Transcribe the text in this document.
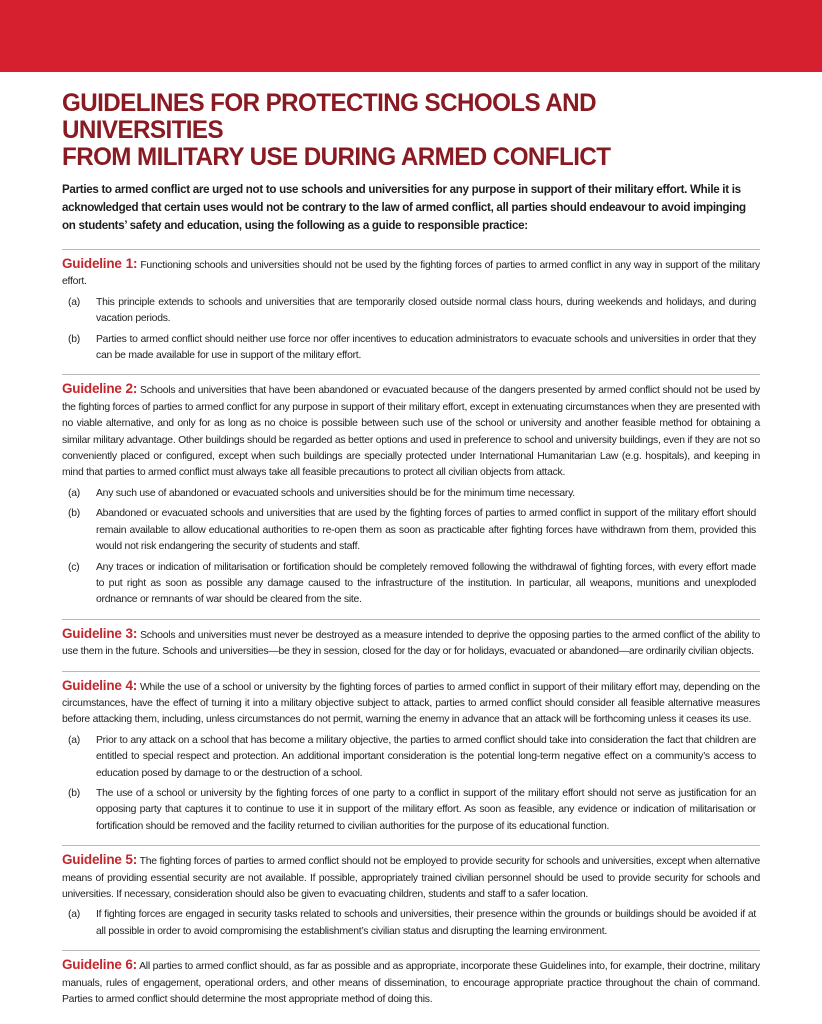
GUIDELINES FOR PROTECTING SCHOOLS AND UNIVERSITIES
FROM MILITARY USE DURING ARMED CONFLICT

Parties to armed conflict are urged not to use schools and universities for any purpose in support of their military effort. While it is acknowledged that certain uses would not be contrary to the law of armed conflict, all parties should endeavour to avoid impinging on students’ safety and education, using the following as a guide to responsible practice:

Guideline 1: Functioning schools and universities should not be used by the fighting forces of parties to armed conflict in any way in support of the military effort.

(a)	This principle extends to schools and universities that are temporarily closed outside normal class hours, during weekends and holidays, and during vacation periods.
(b)	Parties to armed conflict should neither use force nor offer incentives to education administrators to evacuate schools and universities in order that they can be made available for use in support of the military effort.

Guideline 2: Schools and universities that have been abandoned or evacuated because of the dangers presented by armed conflict should not be used by the fighting forces of parties to armed conflict for any purpose in support of their military effort, except in extenuating circumstances when they are presented with no viable alternative, and only for as long as no choice is possible between such use of the school or university and another feasible method for obtaining a similar military advantage. Other buildings should be regarded as better options and used in preference to school and university buildings, even if they are not so conveniently placed or configured, except when such buildings are specially protected under International Humanitarian Law (e.g. hospitals), and keeping in mind that parties to armed conflict must always take all feasible precautions to protect all civilian objects from attack.

(a)	Any such use of abandoned or evacuated schools and universities should be for the minimum time necessary.
(b)	Abandoned or evacuated schools and universities that are used by the fighting forces of parties to armed conflict in support of the military effort should remain available to allow educational authorities to re-open them as soon as practicable after fighting forces have withdrawn from them, provided this would not risk endangering the security of students and staff.
(c)	Any traces or indication of militarisation or fortification should be completely removed following the withdrawal of fighting forces, with every effort made to put right as soon as possible any damage caused to the infrastructure of the institution. In particular, all weapons, munitions and unexploded ordnance or remnants of war should be cleared from the site.

Guideline 3: Schools and universities must never be destroyed as a measure intended to deprive the opposing parties to the armed conflict of the ability to use them in the future. Schools and universities—be they in session, closed for the day or for holidays, evacuated or abandoned—are ordinarily civilian objects.

Guideline 4: While the use of a school or university by the fighting forces of parties to armed conflict in support of their military effort may, depending on the circumstances, have the effect of turning it into a military objective subject to attack, parties to armed conflict should consider all feasible alternative measures before attacking them, including, unless circumstances do not permit, warning the enemy in advance that an attack will be forthcoming unless it ceases its use.

(a)	Prior to any attack on a school that has become a military objective, the parties to armed conflict should take into consideration the fact that children are entitled to special respect and protection. An additional important consideration is the potential long-term negative effect on a community’s access to education posed by damage to or the destruction of a school.
(b)	The use of a school or university by the fighting forces of one party to a conflict in support of the military effort should not serve as justification for an opposing party that captures it to continue to use it in support of the military effort. As soon as feasible, any evidence or indication of militarisation or fortification should be removed and the facility returned to civilian authorities for the purpose of its educational function.

Guideline 5: The fighting forces of parties to armed conflict should not be employed to provide security for schools and universities, except when alternative means of providing essential security are not available. If possible, appropriately trained civilian personnel should be used to provide security for schools and universities. If necessary, consideration should also be given to evacuating children, students and staff to a safer location.

(a)	If fighting forces are engaged in security tasks related to schools and universities, their presence within the grounds or buildings should be avoided if at all possible in order to avoid compromising the establishment’s civilian status and disrupting the learning environment.

Guideline 6: All parties to armed conflict should, as far as possible and as appropriate, incorporate these Guidelines into, for example, their doctrine, military manuals, rules of engagement, operational orders, and other means of dissemination, to encourage appropriate practice throughout the chain of command. Parties to armed conflict should determine the most appropriate method of doing this.
